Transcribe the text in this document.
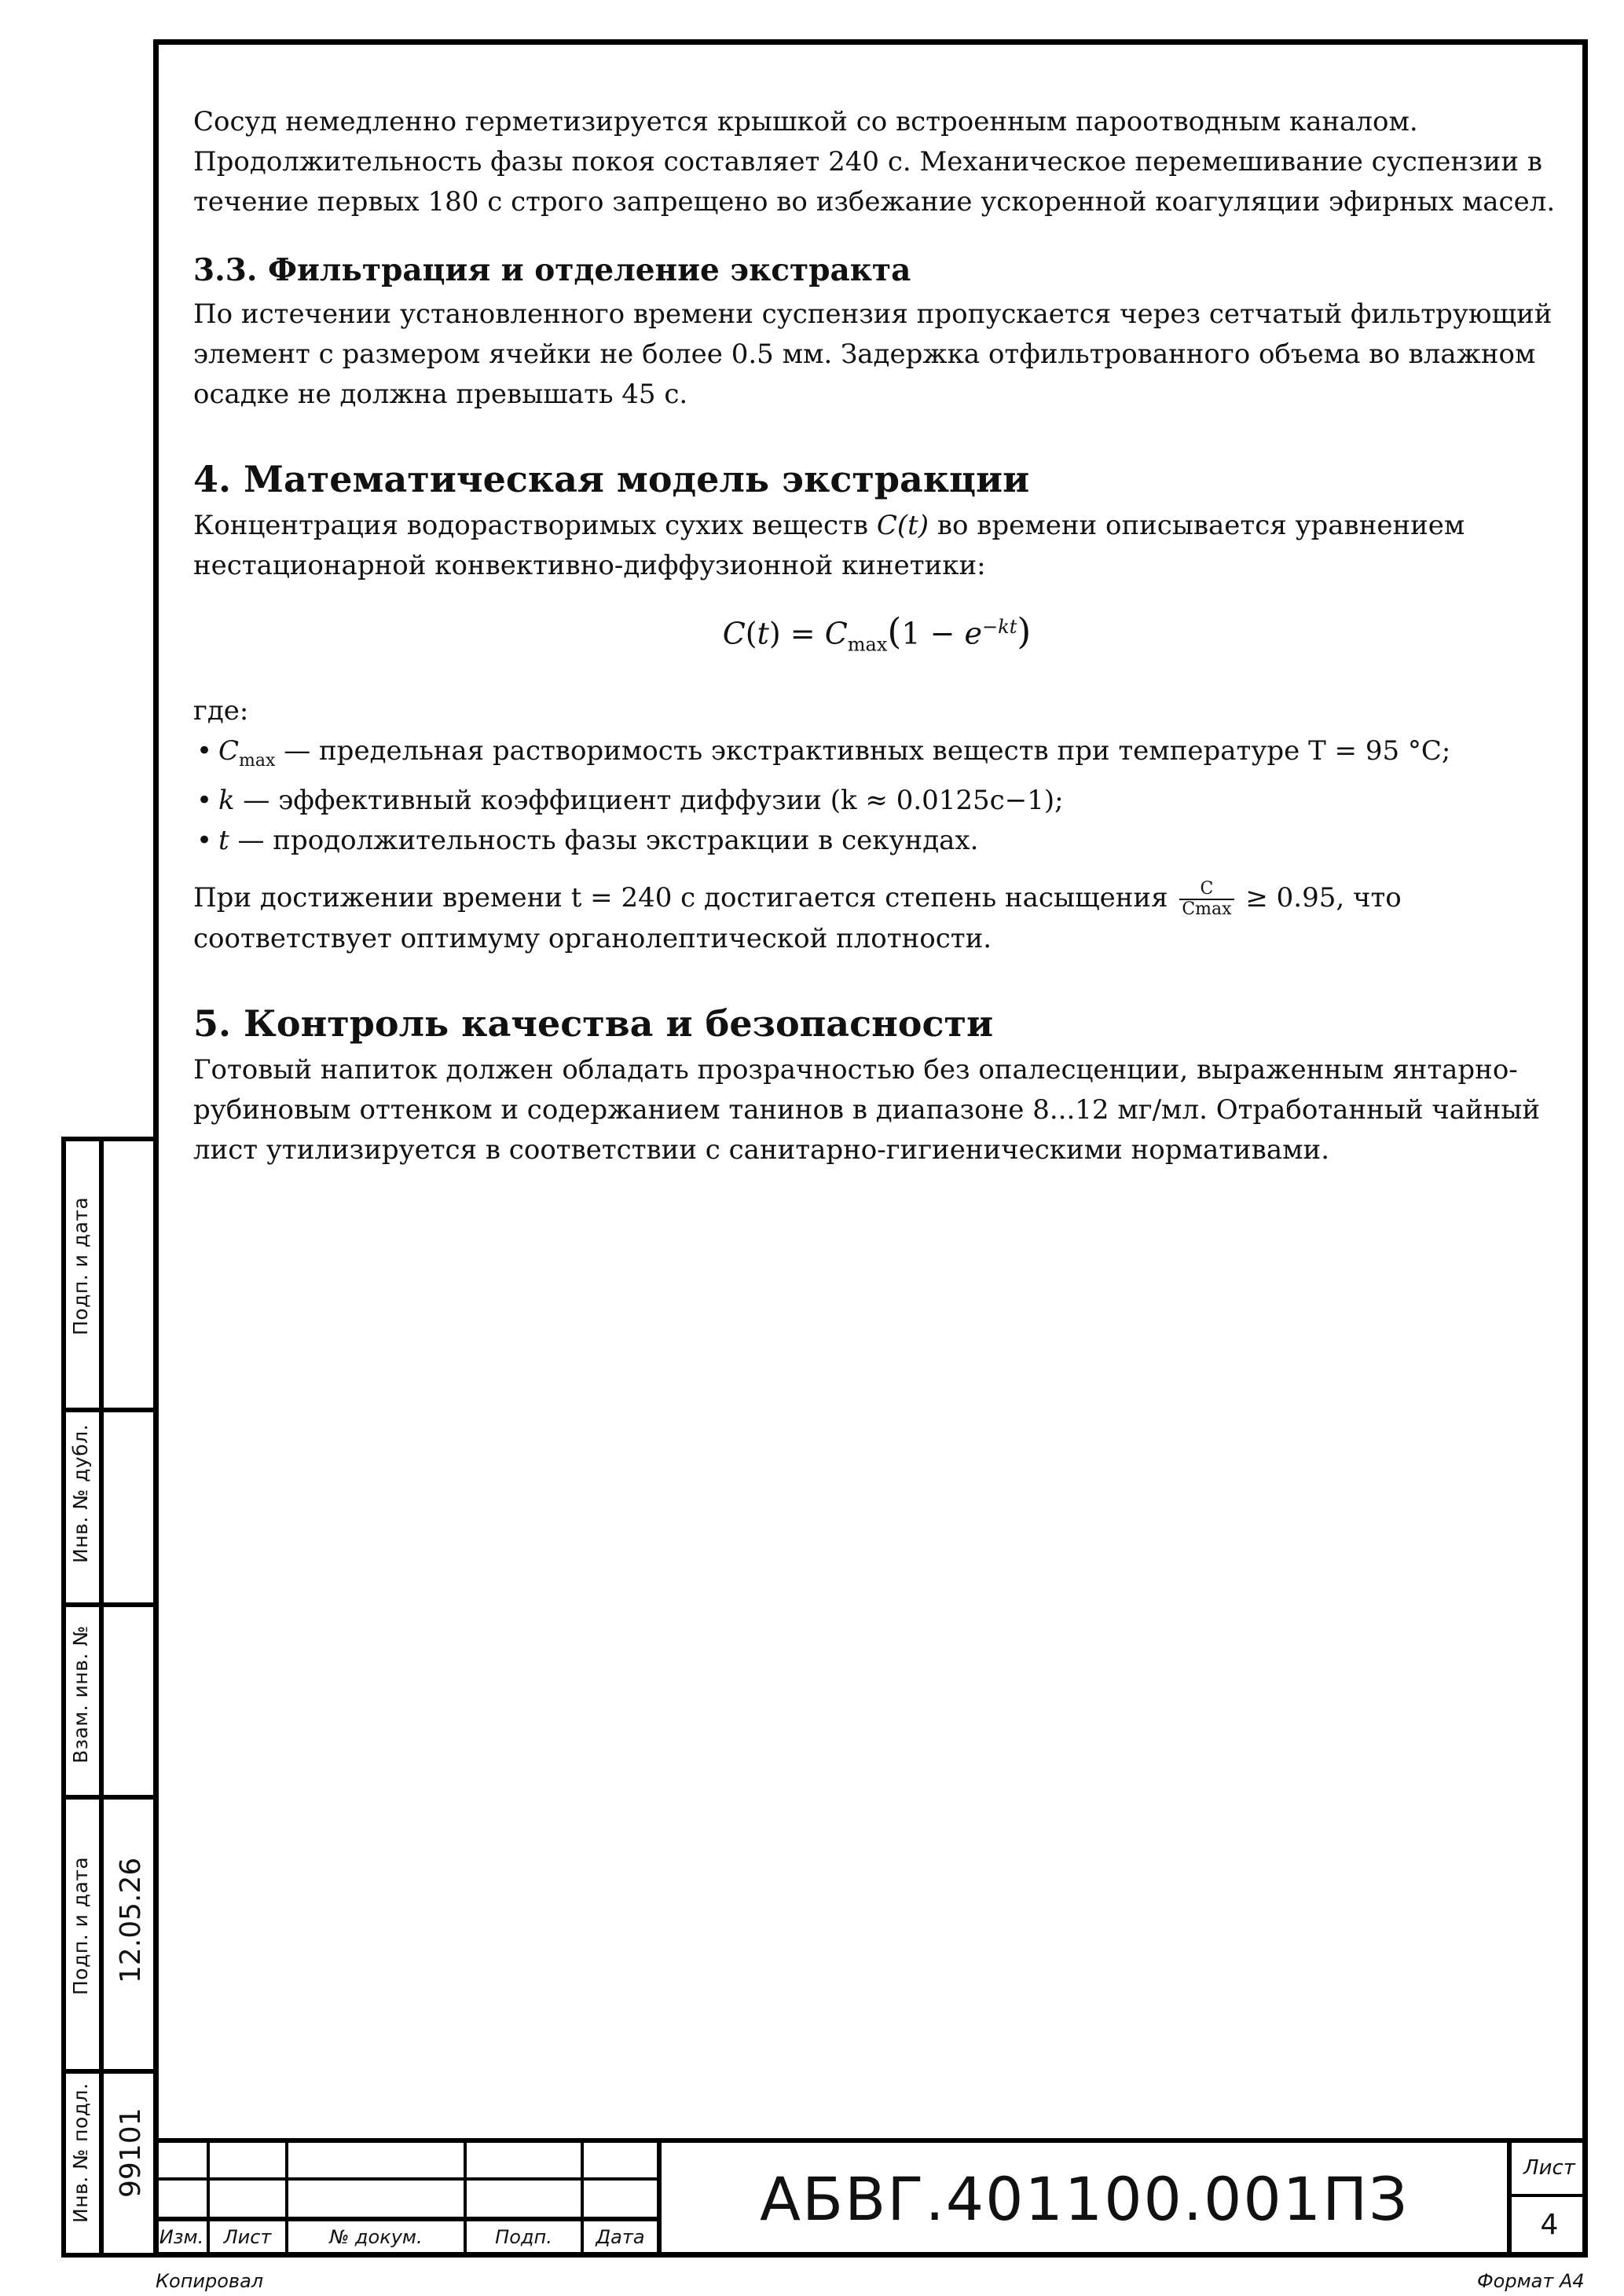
Сосуд немедленно герметизируется крышкой со встроенным пароотводным каналом. Продолжительность фазы покоя составляет 240 с. Механическое перемешивание суспензии в течение первых 180 с строго запрещено во избежание ускоренной коагуляции эфирных масел.

3.3. Фильтрация и отделение экстракта

По истечении установленного времени суспензия пропускается через сетчатый фильтрующий элемент с размером ячейки не более 0.5 мм. Задержка отфильтрованного объема во влажном осадке не должна превышать 45 с.

4. Математическая модель экстракции

Концентрация водорастворимых сухих веществ C(t) во времени описывается уравнением нестационарной конвективно-диффузионной кинетики:

$C(t) = C_{max}(1 - e^{-kt})$

где:

• $C_{max}$ — предельная растворимость экстрактивных веществ при температуре T = 95 °C;
• k — эффективный коэффициент диффузии (k ≈ 0.0125c−1);
• t — продолжительность фазы экстракции в секундах.

При достижении времени t = 240 с достигается степень насыщения $\frac{C}{Cmax} \ge 0.95$, что соответствует оптимуму органолептической плотности.

5. Контроль качества и безопасности

Готовый напиток должен обладать прозрачностью без опалесценции, выраженным янтарно-рубиновым оттенком и содержанием танинов в диапазоне 8...12 мг/мл. Отработанный чайный лист утилизируется в соответствии с санитарно-гигиеническими нормативами.

Подп. и дата
Инв. № дубл.
Взам. инв. №
Подп. и дата 12.05.26
Инв. № подл. 99101
Изм.	Лист	№ докум.	Подп.	Дата
АБВГ.401100.001ПЗ	Лист
4
Копировал	Формат А4
